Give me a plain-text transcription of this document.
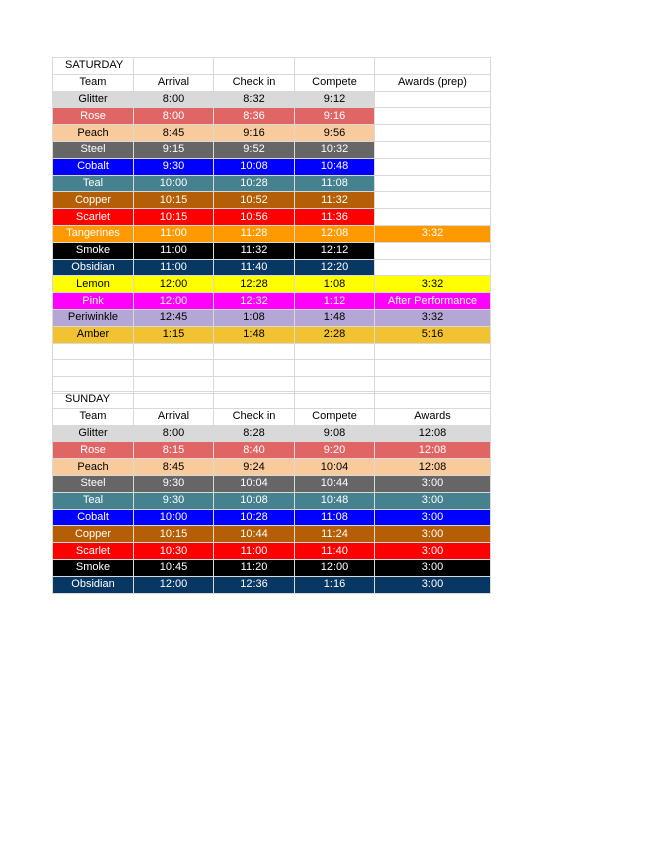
SATURDAY				
Team	Arrival	Check in	Compete	Awards (prep)
Glitter	8:00	8:32	9:12	
Rose	8:00	8:36	9:16	
Peach	8:45	9:16	9:56	
Steel	9:15	9:52	10:32	
Cobalt	9:30	10:08	10:48	
Teal	10:00	10:28	11:08	
Copper	10:15	10:52	11:32	
Scarlet	10:15	10:56	11:36	
Tangerines	11:00	11:28	12:08	3:32
Smoke	11:00	11:32	12:12	
Obsidian	11:00	11:40	12:20	
Lemon	12:00	12:28	1:08	3:32
Pink	12:00	12:32	1:12	After Performance
Periwinkle	12:45	1:08	1:48	3:32
Amber	1:15	1:48	2:28	5:16

SUNDAY				
Team	Arrival	Check in	Compete	Awards
Glitter	8:00	8:28	9:08	12:08
Rose	8:15	8:40	9:20	12:08
Peach	8:45	9:24	10:04	12:08
Steel	9:30	10:04	10:44	3:00
Teal	9:30	10:08	10:48	3:00
Cobalt	10:00	10:28	11:08	3:00
Copper	10:15	10:44	11:24	3:00
Scarlet	10:30	11:00	11:40	3:00
Smoke	10:45	11:20	12:00	3:00
Obsidian	12:00	12:36	1:16	3:00
